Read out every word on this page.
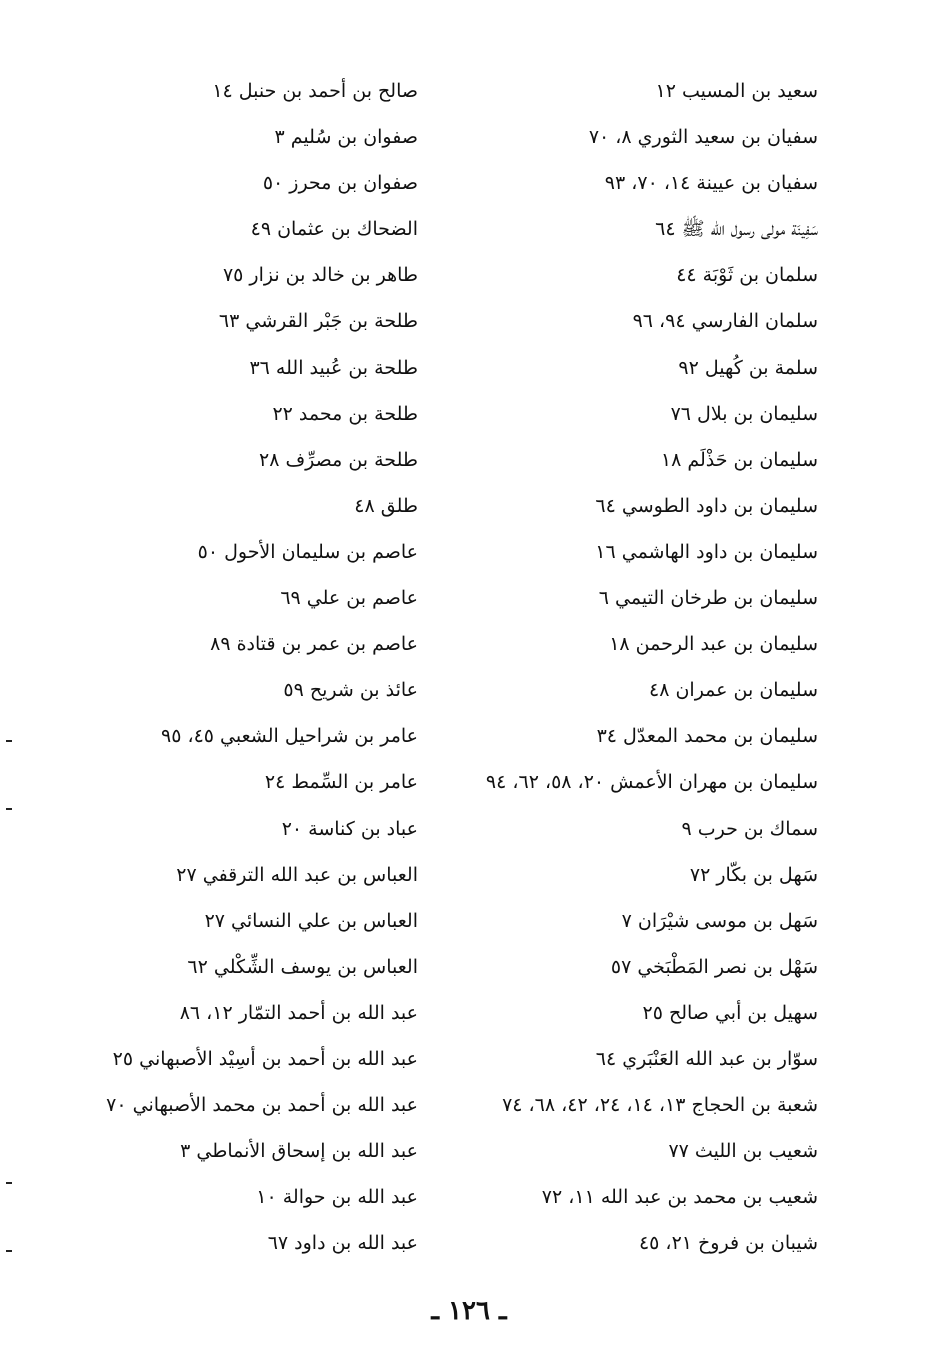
سعيد بن المسيب ١٢
سفيان بن سعيد الثوري ٨، ٧٠
سفيان بن عيينة ١٤، ٧٠، ٩٣
سَفِينَة مولى رسول الله ﷺ ٦٤
سلمان بن ثَوْبَة ٤٤
سلمان الفارسي ٩٤، ٩٦
سلمة بن كُهيل ٩٢
سليمان بن بلال ٧٦
سليمان بن حَذْلَم ١٨
سليمان بن داود الطوسي ٦٤
سليمان بن داود الهاشمي ١٦
سليمان بن طرخان التيمي ٦
سليمان بن عبد الرحمن ١٨
سليمان بن عمران ٤٨
سليمان بن محمد المعدّل ٣٤
سليمان بن مهران الأعمش ٢٠، ٥٨، ٦٢، ٩٤
سماك بن حرب ٩
سَهل بن بكّار ٧٢
سَهل بن موسى شيْرَان ٧
سَهْل بن نصر المَطْبَخي ٥٧
سهيل بن أبي صالح ٢٥
سوّار بن عبد الله العَنْبَري ٦٤
شعبة بن الحجاج ١٣، ١٤، ٢٤، ٤٢، ٦٨، ٧٤
شعيب بن الليث ٧٧
شعيب بن محمد بن عبد الله ١١، ٧٢
شيبان بن فروخ ٢١، ٤٥
صالح بن أحمد بن حنبل ١٤
صفوان بن سُليم ٣
صفوان بن محرز ٥٠
الضحاك بن عثمان ٤٩
طاهر بن خالد بن نزار ٧٥
طلحة بن جَبْر القرشي ٦٣
طلحة بن عُبيد الله ٣٦
طلحة بن محمد ٢٢
طلحة بن مصرِّف ٢٨
طلق ٤٨
عاصم بن سليمان الأحول ٥٠
عاصم بن علي ٦٩
عاصم بن عمر بن قتادة ٨٩
عائذ بن شريح ٥٩
عامر بن شراحيل الشعبي ٤٥، ٩٥
عامر بن السِّمط ٢٤
عباد بن كناسة ٢٠
العباس بن عبد الله الترقفي ٢٧
العباس بن علي النسائي ٢٧
العباس بن يوسف الشِّكْلي ٦٢
عبد الله بن أحمد التمّار ١٢، ٨٦
عبد الله بن أحمد بن أسِيْد الأصبهاني ٢٥
عبد الله بن أحمد بن محمد الأصبهاني ٧٠
عبد الله بن إسحاق الأنماطي ٣
عبد الله بن حوالة ١٠
عبد الله بن داود ٦٧
ـ ١٢٦ ـ
